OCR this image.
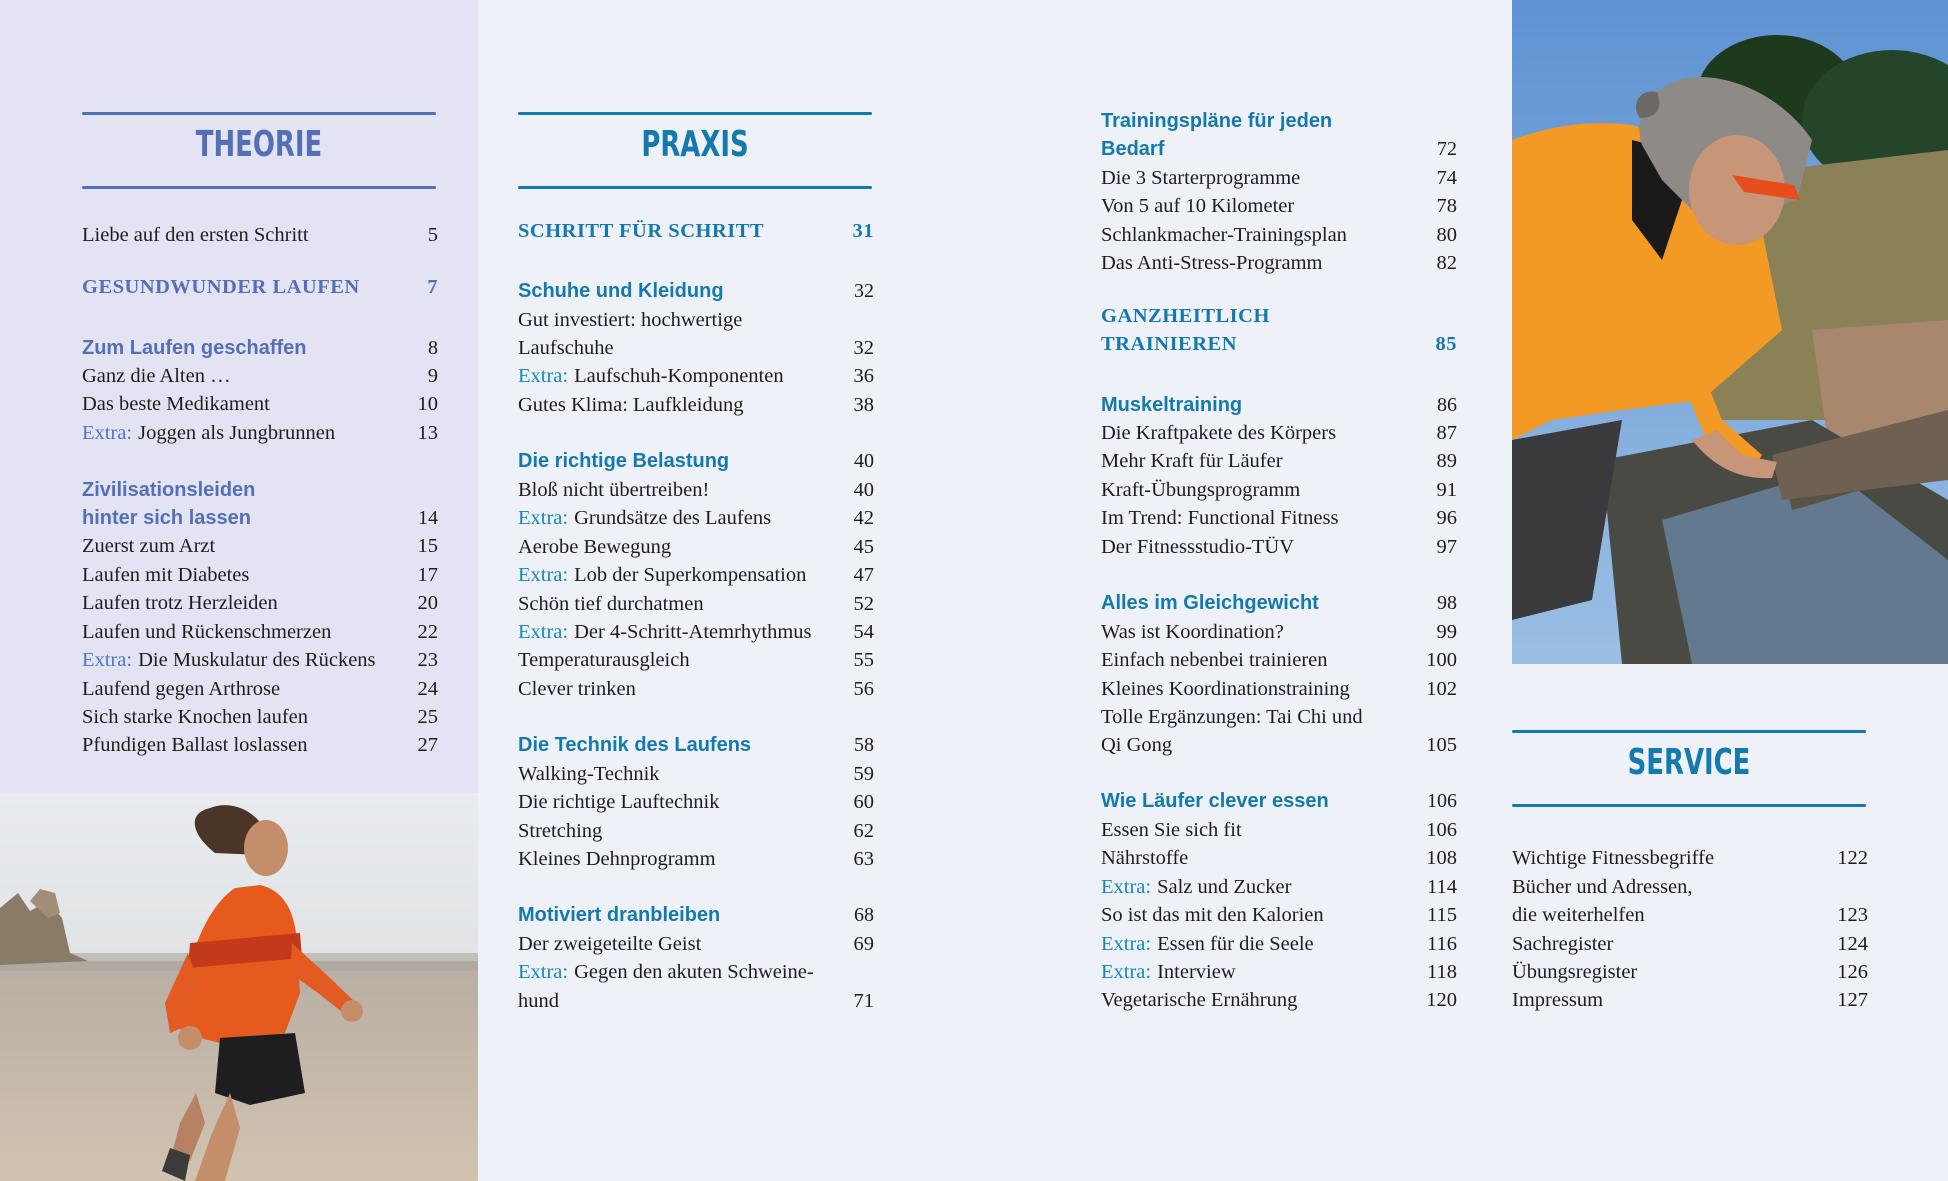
THEORIE
Liebe auf den ersten Schritt	5
GESUNDWUNDER LAUFEN	7
Zum Laufen geschaffen	8
Ganz die Alten …	9
Das beste Medikament	10
Extra: Joggen als Jungbrunnen	13
Zivilisationsleiden
hinter sich lassen	14
Zuerst zum Arzt	15
Laufen mit Diabetes	17
Laufen trotz Herzleiden	20
Laufen und Rückenschmerzen	22
Extra: Die Muskulatur des Rückens 23
Laufend gegen Arthrose	24
Sich starke Knochen laufen	25
Pfundigen Ballast loslassen	27
PRAXIS
SCHRITT FÜR SCHRITT	31
Schuhe und Kleidung	32
Gut investiert: hochwertige
Laufschuhe	32
Extra: Laufschuh-Komponenten	36
Gutes Klima: Laufkleidung	38
Die richtige Belastung	40
Bloß nicht übertreiben!	40
Extra: Grundsätze des Laufens	42
Aerobe Bewegung	45
Extra: Lob der Superkompensation 47
Schön tief durchatmen	52
Extra: Der 4-Schritt-Atemrhythmus 54
Temperaturausgleich	55
Clever trinken	56
Die Technik des Laufens	58
Walking-Technik	59
Die richtige Lauftechnik	60
Stretching	62
Kleines Dehnprogramm	63
Motiviert dranbleiben	68
Der zweigeteilte Geist	69
Extra: Gegen den akuten Schweine-
hund	71
Trainingspläne für jeden
Bedarf	72
Die 3 Starterprogramme	74
Von 5 auf 10 Kilometer	78
Schlankmacher-Trainingsplan	80
Das Anti-Stress-Programm	82
GANZHEITLICH
TRAINIEREN	85
Muskeltraining	86
Die Kraftpakete des Körpers	87
Mehr Kraft für Läufer	89
Kraft-Übungsprogramm	91
Im Trend: Functional Fitness	96
Der Fitnessstudio-TÜV	97
Alles im Gleichgewicht	98
Was ist Koordination?	99
Einfach nebenbei trainieren	100
Kleines Koordinationstraining	102
Tolle Ergänzungen: Tai Chi und
Qi Gong	105
Wie Läufer clever essen	106
Essen Sie sich fit	106
Nährstoffe	108
Extra: Salz und Zucker	114
So ist das mit den Kalorien	115
Extra: Essen für die Seele	116
Extra: Interview	118
Vegetarische Ernährung	120
SERVICE
Wichtige Fitnessbegriffe	122
Bücher und Adressen,
die weiterhelfen	123
Sachregister	124
Übungsregister	126
Impressum	127
